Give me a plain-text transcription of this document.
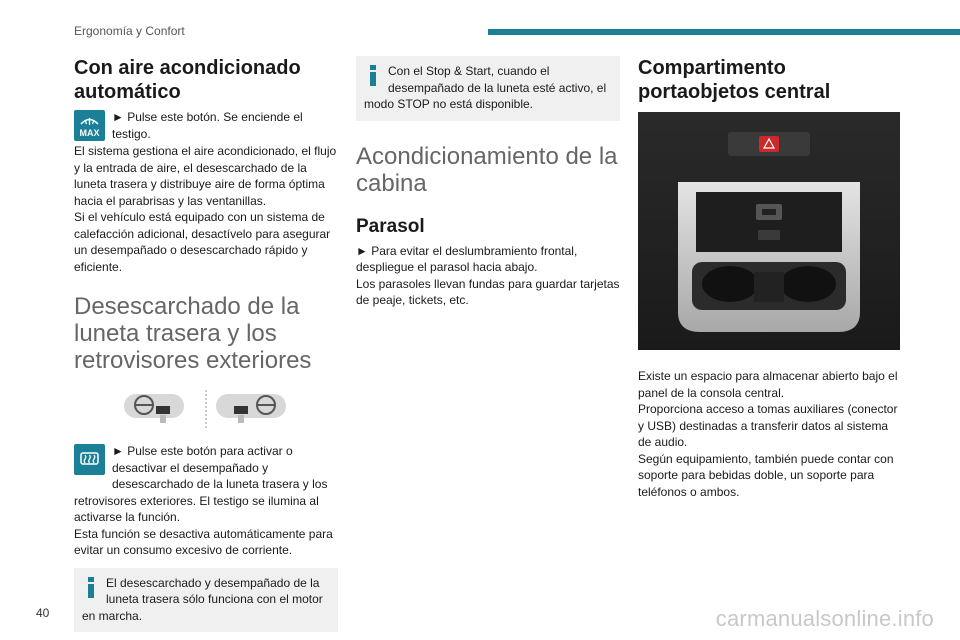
Ergonomía y Confort
Con aire acondicionado automático
MAX

► Pulse este botón. Se enciende el testigo.

El sistema gestiona el aire acondicionado, el flujo y la entrada de aire, el desescarchado de la luneta trasera y distribuye aire de forma óptima hacia el parabrisas y las ventanillas.

Si el vehículo está equipado con un sistema de calefacción adicional, desactívelo para asegurar un desempañado o desescarchado rápido y eficiente.

Desescarchado de la luneta trasera y los retrovisores exteriores

► Pulse este botón para activar o desactivar el desempañado y desescarchado de la luneta trasera y los retrovisores exteriores. El testigo se ilumina al activarse la función.

Esta función se desactiva automáticamente para evitar un consumo excesivo de corriente.

El desescarchado y desempañado de la luneta trasera sólo funciona con el motor en marcha.
Con el Stop & Start, cuando el desempañado de la luneta esté activo, el modo STOP no está disponible.
Acondicionamiento de la cabina
Parasol

► Para evitar el deslumbramiento frontal, despliegue el parasol hacia abajo.

Los parasoles llevan fundas para guardar tarjetas de peaje, tickets, etc.

Compartimento portaobjetos central

Existe un espacio para almacenar abierto bajo el panel de la consola central.

Proporciona acceso a tomas auxiliares (conector y USB) destinadas a transferir datos al sistema de audio.

Según equipamiento, también puede contar con soporte para bebidas doble, un soporte para teléfonos o ambos.

40	carmanualsonline.info
